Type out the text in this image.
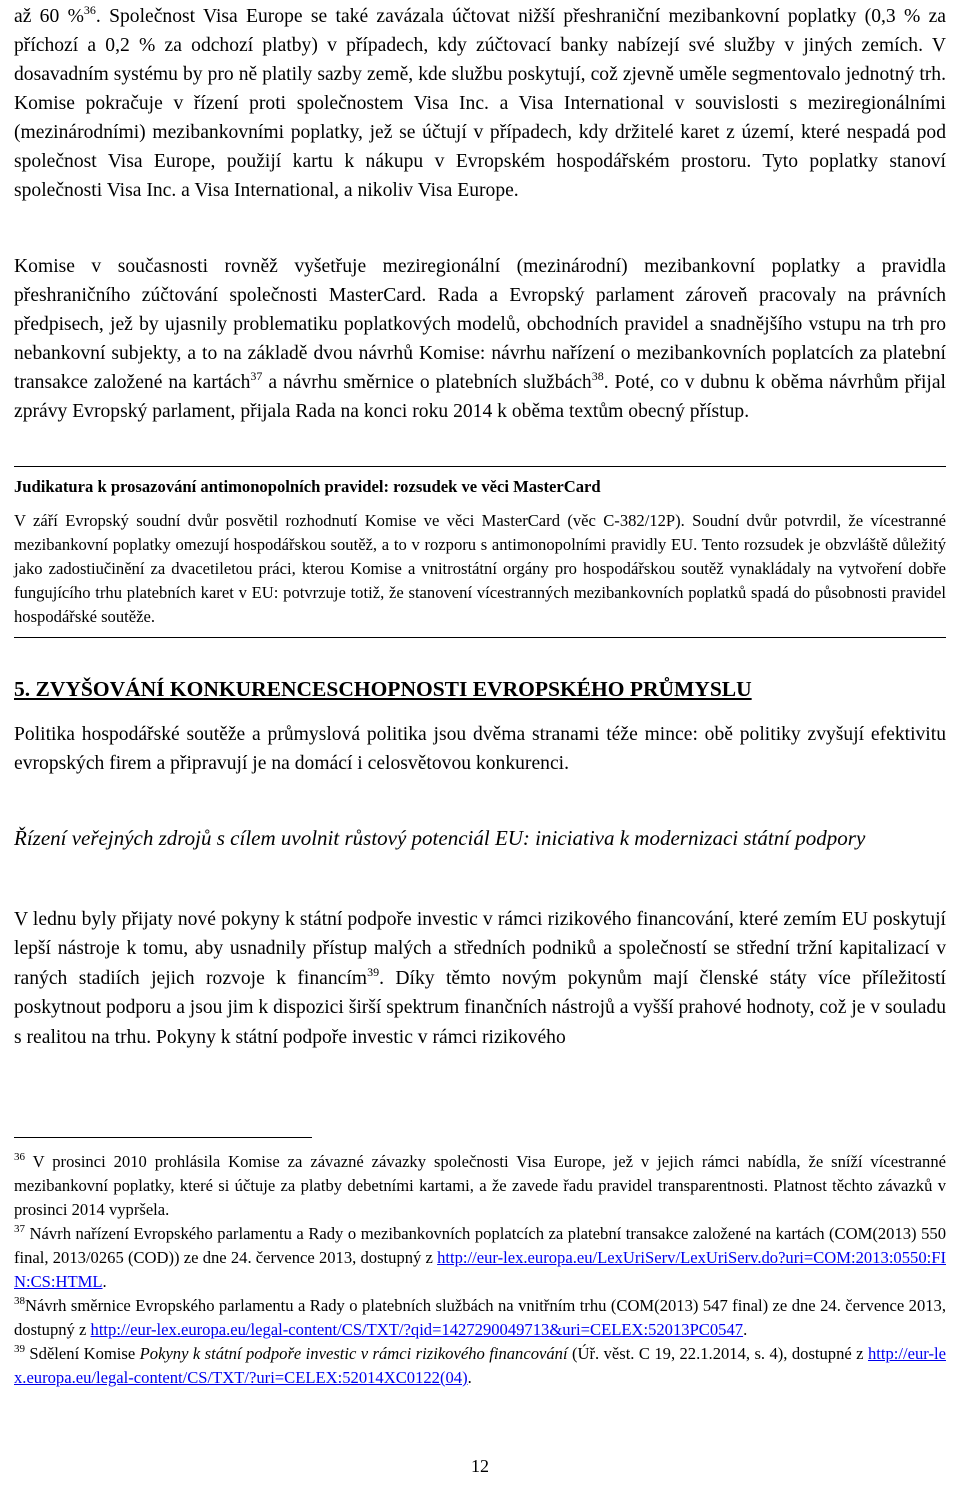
až 60 %$^{36}$. Společnost Visa Europe se také zavázala účtovat nižší přeshraniční mezibankovní poplatky (0,3 % za příchozí a 0,2 % za odchozí platby) v případech, kdy zúčtovací banky nabízejí své služby v jiných zemích. V dosavadním systému by pro ně platily sazby země, kde službu poskytují, což zjevně uměle segmentovalo jednotný trh. Komise pokračuje v řízení proti společnostem Visa Inc. a Visa International v souvislosti s meziregionálními (mezinárodními) mezibankovními poplatky, jež se účtují v případech, kdy držitelé karet z území, které nespadá pod společnost Visa Europe, použijí kartu k nákupu v Evropském hospodářském prostoru. Tyto poplatky stanoví společnosti Visa Inc. a Visa International, a nikoliv Visa Europe.

Komise v současnosti rovněž vyšetřuje meziregionální (mezinárodní) mezibankovní poplatky a pravidla přeshraničního zúčtování společnosti MasterCard. Rada a Evropský parlament zároveň pracovaly na právních předpisech, jež by ujasnily problematiku poplatkových modelů, obchodních pravidel a snadnějšího vstupu na trh pro nebankovní subjekty, a to na základě dvou návrhů Komise: návrhu nařízení o mezibankovních poplatcích za platební transakce založené na kartách$^{37}$ a návrhu směrnice o platebních službách$^{38}$. Poté, co v dubnu k oběma návrhům přijal zprávy Evropský parlament, přijala Rada na konci roku 2014 k oběma textům obecný přístup.

Judikatura k prosazování antimonopolních pravidel: rozsudek ve věci MasterCard

V září Evropský soudní dvůr posvětil rozhodnutí Komise ve věci MasterCard (věc C-382/12P). Soudní dvůr potvrdil, že vícestranné mezibankovní poplatky omezují hospodářskou soutěž, a to v rozporu s antimonopolními pravidly EU. Tento rozsudek je obzvláště důležitý jako zadostiučinění za dvacetiletou práci, kterou Komise a vnitrostátní orgány pro hospodářskou soutěž vynakládaly na vytvoření dobře fungujícího trhu platebních karet v EU: potvrzuje totiž, že stanovení vícestranných mezibankovních poplatků spadá do působnosti pravidel hospodářské soutěže.

5. ZVYŠOVÁNÍ KONKURENCESCHOPNOSTI EVROPSKÉHO PRŮMYSLU

Politika hospodářské soutěže a průmyslová politika jsou dvěma stranami téže mince: obě politiky zvyšují efektivitu evropských firem a připravují je na domácí i celosvětovou konkurenci.

Řízení veřejných zdrojů s cílem uvolnit růstový potenciál EU: iniciativa k modernizaci státní podpory

V lednu byly přijaty nové pokyny k státní podpoře investic v rámci rizikového financování, které zemím EU poskytují lepší nástroje k tomu, aby usnadnily přístup malých a středních podniků a společností se střední tržní kapitalizací v raných stadiích jejich rozvoje k financím$^{39}$. Díky těmto novým pokynům mají členské státy více příležitostí poskytnout podporu a jsou jim k dispozici širší spektrum finančních nástrojů a vyšší prahové hodnoty, což je v souladu s realitou na trhu. Pokyny k státní podpoře investic v rámci rizikového

$^{36}$ V prosinci 2010 prohlásila Komise za závazné závazky společnosti Visa Europe, jež v jejich rámci nabídla, že sníží vícestranné mezibankovní poplatky, které si účtuje za platby debetními kartami, a že zavede řadu pravidel transparentnosti. Platnost těchto závazků v prosinci 2014 vypršela.

$^{37}$ Návrh nařízení Evropského parlamentu a Rady o mezibankovních poplatcích za platební transakce založené na kartách (COM(2013) 550 final, 2013/0265 (COD)) ze dne 24. července 2013, dostupný z http://eur-lex.europa.eu/LexUriServ/LexUriServ.do?uri=COM:2013:0550:FIN:CS:HTML.

$^{38}$Návrh směrnice Evropského parlamentu a Rady o platebních službách na vnitřním trhu (COM(2013) 547 final) ze dne 24. července 2013, dostupný z http://eur-lex.europa.eu/legal-content/CS/TXT/?qid=1427290049713&uri=CELEX:52013PC0547.

$^{39}$ Sdělení Komise Pokyny k státní podpoře investic v rámci rizikového financování (Úř. věst. C 19, 22.1.2014, s. 4), dostupné z http://eur-lex.europa.eu/legal-content/CS/TXT/?uri=CELEX:52014XC0122(04).

12
